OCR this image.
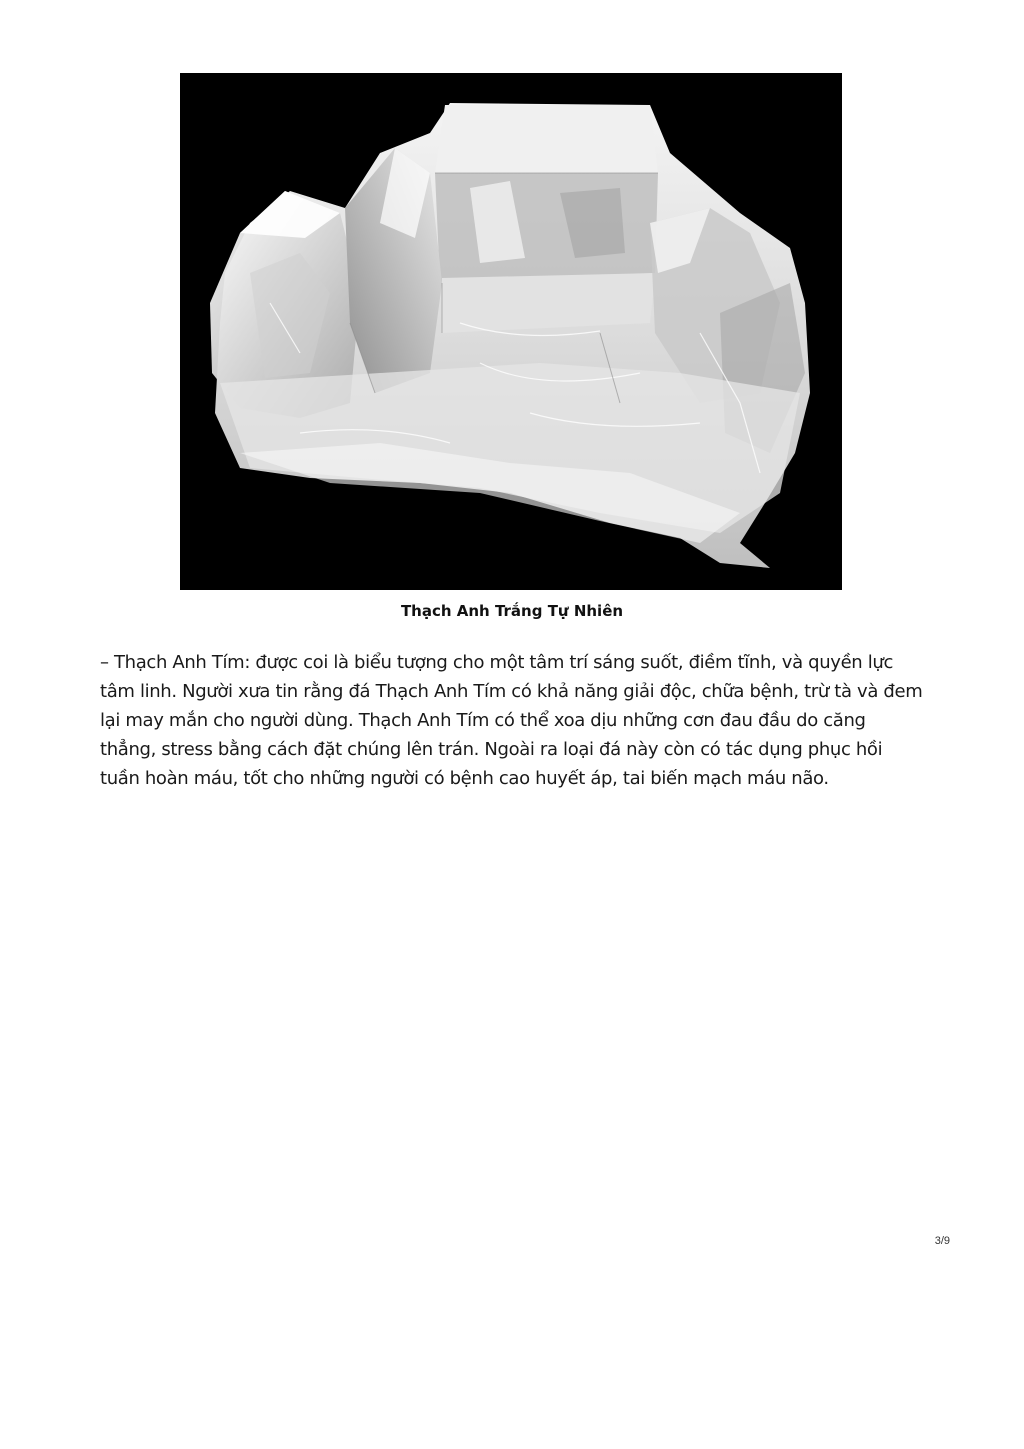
Thạch Anh Trắng Tự Nhiên

– Thạch Anh Tím: được coi là biểu tượng cho một tâm trí sáng suốt, điềm tĩnh, và quyền lực tâm linh. Người xưa tin rằng đá Thạch Anh Tím có khả năng giải độc, chữa bệnh, trừ tà và đem lại may mắn cho người dùng. Thạch Anh Tím có thể xoa dịu những cơn đau đầu do căng thẳng, stress bằng cách đặt chúng lên trán. Ngoài ra loại đá này còn có tác dụng phục hồi tuần hoàn máu, tốt cho những người có bệnh cao huyết áp, tai biến mạch máu não.

3/9
